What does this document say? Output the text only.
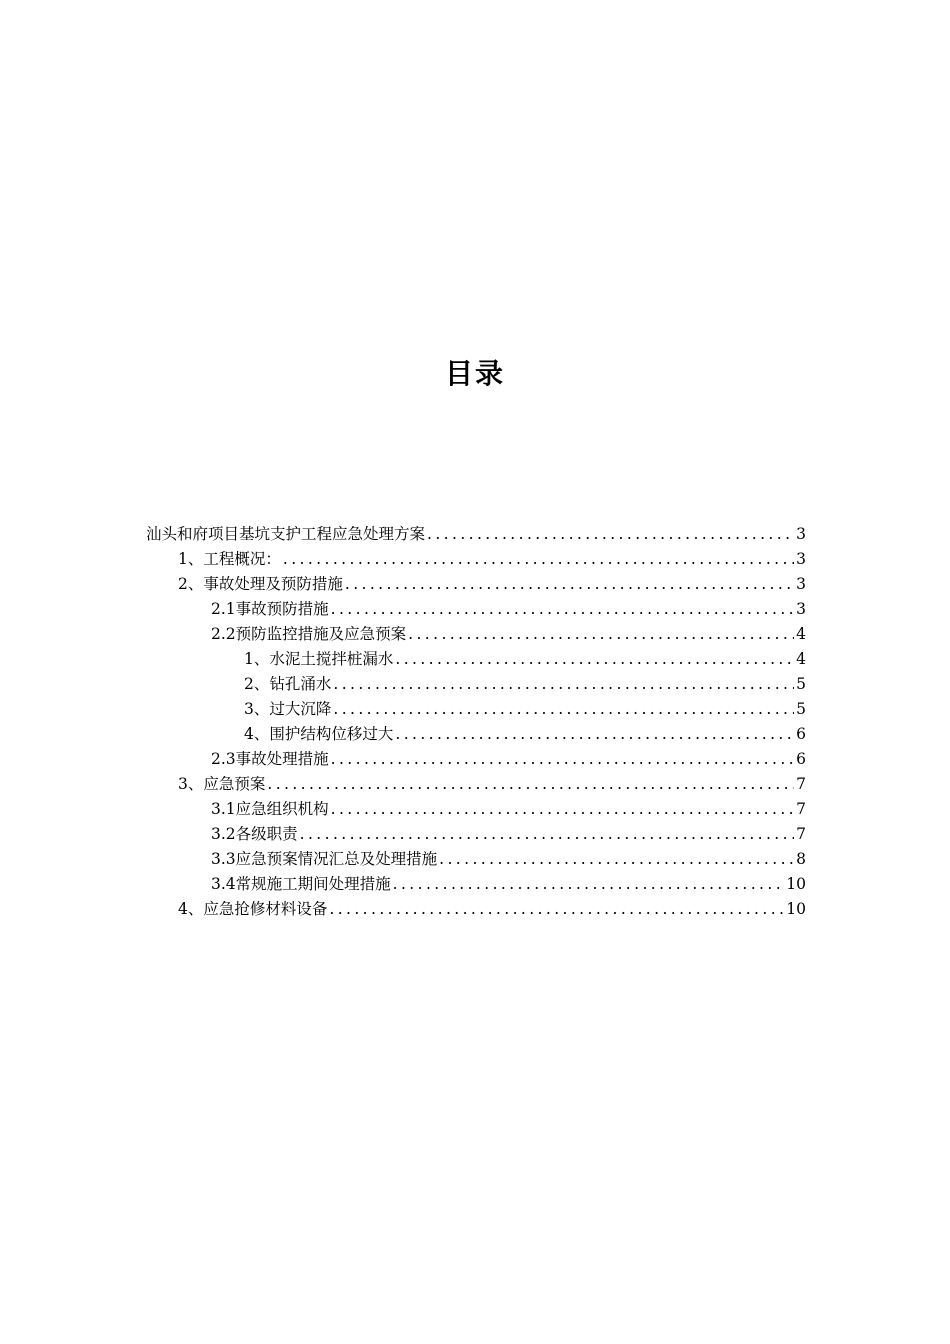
目录
汕头和府项目基坑支护工程应急处理方案 .....	3
1、工程概况： .....	3
2、事故处理及预防措施 .....	3
2.1事故预防措施 .....	3
2.2预防监控措施及应急预案 .....	4
1、水泥土搅拌桩漏水 .....	4
2、钻孔涌水 .....	5
3、过大沉降 .....	5
4、围护结构位移过大 .....	6
2.3事故处理措施 .....	6
3、应急预案 .....	7
3.1应急组织机构 .....	7
3.2各级职责 .....	7
3.3应急预案情况汇总及处理措施 .....	8
3.4常规施工期间处理措施 .....	10
4、应急抢修材料设备 .....	10
